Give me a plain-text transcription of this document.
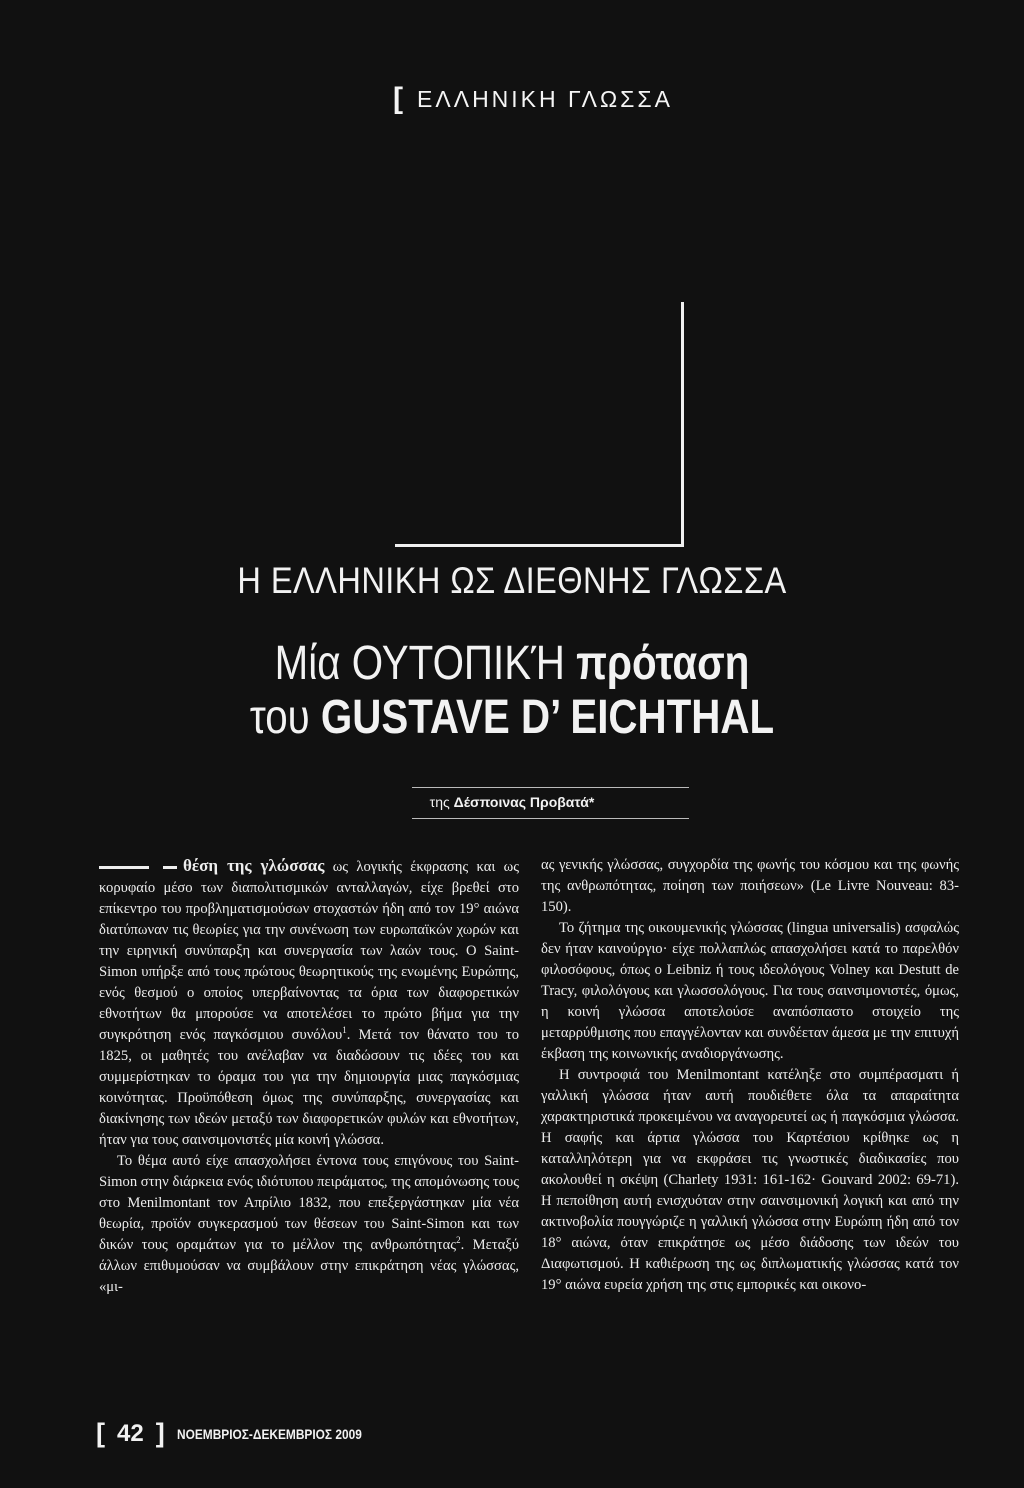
[ ΕΛΛΗΝΙΚΗ ΓΛΩΣΣΑ
Η ΕΛΛΗΝΙΚΗ ΩΣ ΔΙΕΘΝΗΣ ΓΛΩΣΣΑ
Μία ΟΥΤΟΠΙΚΉ πρόταση
του GUSTAVE D’ EICHTHAL
της Δέσποινας Προβατά*

θέση της γλώσσας ως λογικής έκφρασης και ως κορυφαίο μέσο των διαπολιτισμικών ανταλλαγών, είχε βρεθεί στο επίκεντρο του προβληματισμούσων στοχαστών ήδη από τον 19° αιώνα διατύπωναν τις θεωρίες για την συνένωση των ευρωπαϊκών χωρών και την ειρηνική συνύπαρξη και συνεργασία των λαών τους. Ο Saint-Simon υπήρξε από τους πρώτους θεωρητικούς της ενωμένης Ευρώπης, ενός θεσμού ο οποίος υπερβαίνοντας τα όρια των διαφορετικών εθνοτήτων θα μπορούσε να αποτελέσει το πρώτο βήμα για την συγκρότηση ενός παγκόσμιου συνόλου$^1$. Μετά τον θάνατο του το 1825, οι μαθητές του ανέλαβαν να διαδώσουν τις ιδέες του και συμμερίστηκαν το όραμα του για την δημιουργία μιας παγκόσμιας κοινότητας. Προϋπόθεση όμως της συνύπαρξης, συνεργασίας και διακίνησης των ιδεών μεταξύ των διαφορετικών φυλών και εθνοτήτων, ήταν για τους σαινσιμονιστές μία κοινή γλώσσα.

Το θέμα αυτό είχε απασχολήσει έντονα τους επιγόνους του Saint-Simon στην διάρκεια ενός ιδιότυπου πειράματος, της απομόνωσης τους στο Menilmontant τον Απρίλιο 1832, που επεξεργάστηκαν μία νέα θεωρία, προϊόν συγκερασμού των θέσεων του Saint-Simon και των δικών τους οραμάτων για το μέλλον της ανθρωπότητας$^2$. Μεταξύ άλλων επιθυμούσαν να συμβάλουν στην επικράτηση νέας γλώσσας, «μι-

ας γενικής γλώσσας, συγχορδία της φωνής του κόσμου και της φωνής της ανθρωπότητας, ποίηση των ποιήσεων» (Le Livre Nouveau: 83-150).

Το ζήτημα της οικουμενικής γλώσσας (lingua universalis) ασφαλώς δεν ήταν καινούργιο· είχε πολλαπλώς απασχολήσει κατά το παρελθόν φιλοσόφους, όπως ο Leibniz ή τους ιδεολόγους Volney και Destutt de Tracy, φιλολόγους και γλωσσολόγους. Για τους σαινσιμονιστές, όμως, η κοινή γλώσσα αποτελούσε αναπόσπαστο στοιχείο της μεταρρύθμισης που επαγγέλονταν και συνδέεταν άμεσα με την επιτυχή έκβαση της κοινωνικής αναδιοργάνωσης.

Η συντροφιά του Menilmontant κατέληξε στο συμπέρασματι ή γαλλική γλώσσα ήταν αυτή πουδιέθετε όλα τα απαραίτητα χαρακτηριστικά προκειμένου να αναγορευτεί ως ή παγκόσμια γλώσσα. Η σαφής και άρτια γλώσσα του Καρτέσιου κρίθηκε ως η καταλληλότερη για να εκφράσει τις γνωστικές διαδικασίες που ακολουθεί η σκέψη (Charlety 1931: 161-162· Gouvard 2002: 69-71). Η πεποίθηση αυτή ενισχυόταν στην σαινσιμονική λογική και από την ακτινοβολία πουγγώριζε η γαλλική γλώσσα στην Ευρώπη ήδη από τον 18° αιώνα, όταν επικράτησε ως μέσο διάδοσης των ιδεών του Διαφωτισμού. Η καθιέρωση της ως διπλωματικής γλώσσας κατά τον 19° αιώνα ευρεία χρήση της στις εμπορικές και οικονο-

[ 42 ] ΝΟΕΜΒΡΙΟΣ-ΔΕΚΕΜΒΡΙΟΣ 2009
